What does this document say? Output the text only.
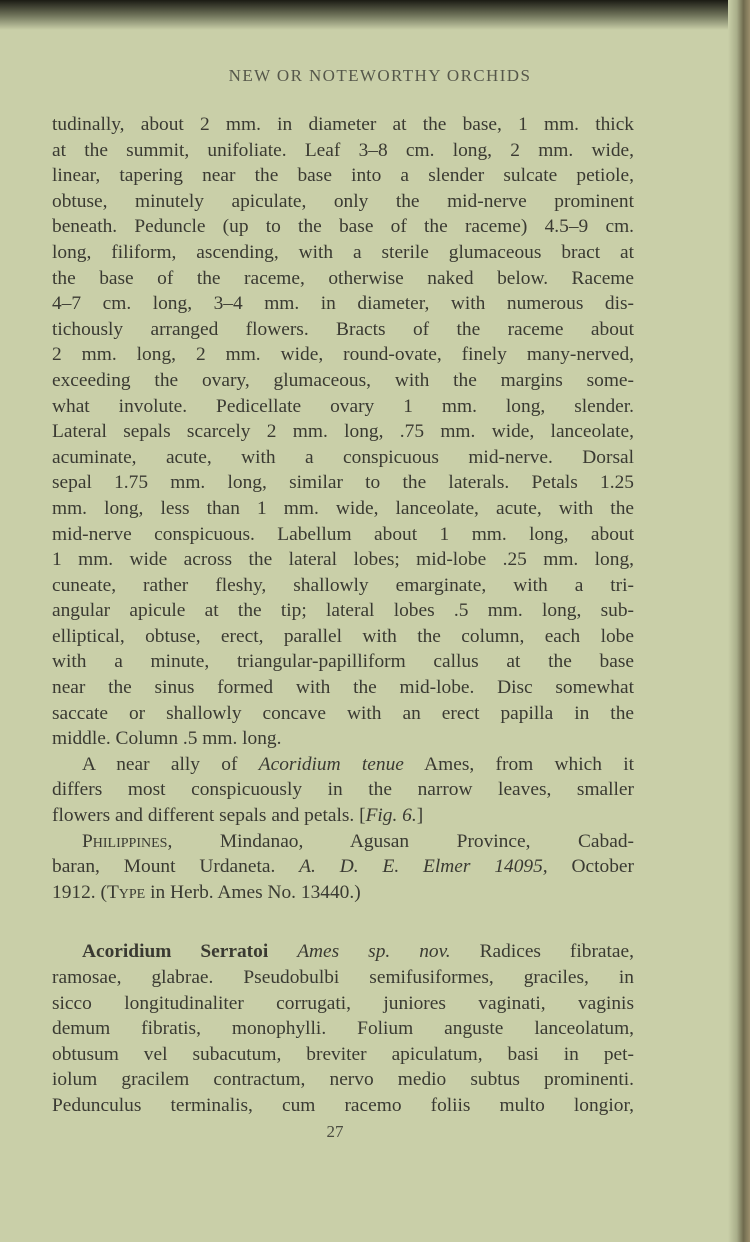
NEW OR NOTEWORTHY ORCHIDS
tudinally, about 2 mm. in diameter at the base, 1 mm. thick
at the summit, unifoliate. Leaf 3–8 cm. long, 2 mm. wide,
linear, tapering near the base into a slender sulcate petiole,
obtuse, minutely apiculate, only the mid-nerve prominent
beneath. Peduncle (up to the base of the raceme) 4.5–9 cm.
long, filiform, ascending, with a sterile glumaceous bract at
the base of the raceme, otherwise naked below. Raceme
4–7 cm. long, 3–4 mm. in diameter, with numerous dis-
tichously arranged flowers. Bracts of the raceme about
2 mm. long, 2 mm. wide, round-ovate, finely many-nerved,
exceeding the ovary, glumaceous, with the margins some-
what involute. Pedicellate ovary 1 mm. long, slender.
Lateral sepals scarcely 2 mm. long, .75 mm. wide, lanceolate,
acuminate, acute, with a conspicuous mid-nerve. Dorsal
sepal 1.75 mm. long, similar to the laterals. Petals 1.25
mm. long, less than 1 mm. wide, lanceolate, acute, with the
mid-nerve conspicuous. Labellum about 1 mm. long, about
1 mm. wide across the lateral lobes; mid-lobe .25 mm. long,
cuneate, rather fleshy, shallowly emarginate, with a tri-
angular apicule at the tip; lateral lobes .5 mm. long, sub-
elliptical, obtuse, erect, parallel with the column, each lobe
with a minute, triangular-papilliform callus at the base
near the sinus formed with the mid-lobe. Disc somewhat
saccate or shallowly concave with an erect papilla in the
middle. Column .5 mm. long.
A near ally of Acoridium tenue Ames, from which it
differs most conspicuously in the narrow leaves, smaller
flowers and different sepals and petals. [Fig. 6.]
Philippines, Mindanao, Agusan Province, Cabad-
baran, Mount Urdaneta. A. D. E. Elmer 14095, October
1912. (Type in Herb. Ames No. 13440.)
Acoridium Serratoi Ames sp. nov. Radices fibratae,
ramosae, glabrae. Pseudobulbi semifusiformes, graciles, in
sicco longitudinaliter corrugati, juniores vaginati, vaginis
demum fibratis, monophylli. Folium anguste lanceolatum,
obtusum vel subacutum, breviter apiculatum, basi in pet-
iolum gracilem contractum, nervo medio subtus prominenti.
Pedunculus terminalis, cum racemo foliis multo longior,
27
